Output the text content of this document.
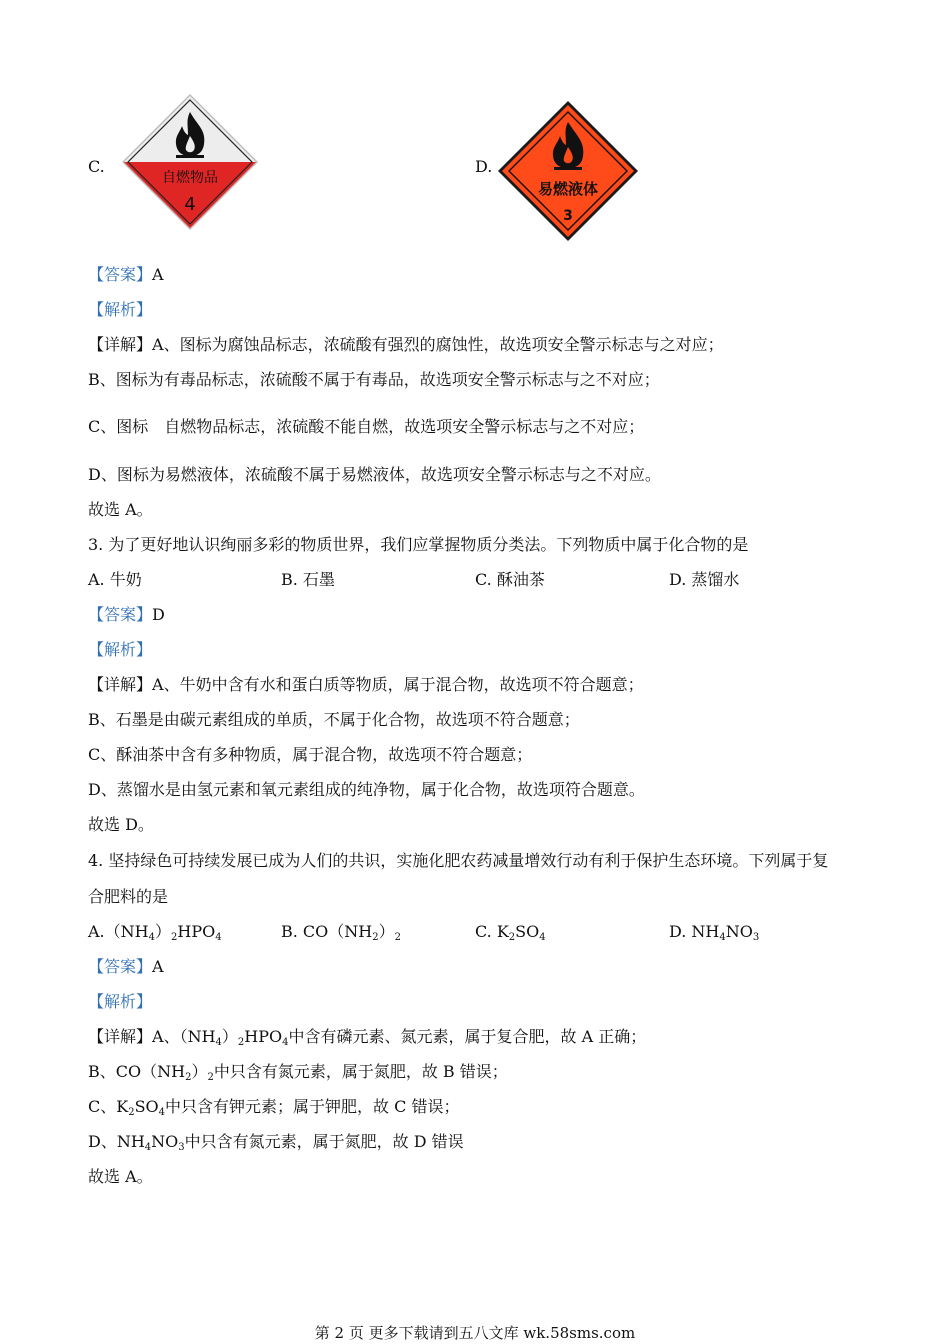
C.
自燃物品
4
D.
易燃液体
3
【答案】A
【解析】
【详解】A、图标为腐蚀品标志，浓硫酸有强烈的腐蚀性，故选项安全警示标志与之对应；
B、图标为有毒品标志，浓硫酸不属于有毒品，故选项安全警示标志与之不对应；
C、图标　自燃物品标志，浓硫酸不能自燃，故选项安全警示标志与之不对应；
D、图标为易燃液体，浓硫酸不属于易燃液体，故选项安全警示标志与之不对应。
故选 A。
3. 为了更好地认识绚丽多彩的物质世界，我们应掌握物质分类法。下列物质中属于化合物的是
A. 牛奶	B. 石墨	C. 酥油茶	D. 蒸馏水
【答案】D
【解析】
【详解】A、牛奶中含有水和蛋白质等物质，属于混合物，故选项不符合题意；
B、石墨是由碳元素组成的单质，不属于化合物，故选项不符合题意；
C、酥油茶中含有多种物质，属于混合物，故选项不符合题意；
D、蒸馏水是由氢元素和氧元素组成的纯净物，属于化合物，故选项符合题意。
故选 D。
4. 坚持绿色可持续发展已成为人们的共识，实施化肥农药减量增效行动有利于保护生态环境。下列属于复
合肥料的是
$A.(NH_4)_2HPO_4$	B. $CO(NH_2)_2$	C. $K_2SO_4$	D. $NH_4NO_3$
【答案】A
【解析】
【详解】A、$(NH_4)_2HPO_4$中含有磷元素、氮元素，属于复合肥，故 A 正确；
B、$CO(NH_2)_2$中只含有氮元素，属于氮肥，故 B 错误；
C、$K_2SO_4$中只含有钾元素；属于钾肥，故 C 错误；
D、$NH_4NO_3$中只含有氮元素，属于氮肥，故 D 错误
故选 A。
第 2 页 更多下载请到五八文库 wk.58sms.com
